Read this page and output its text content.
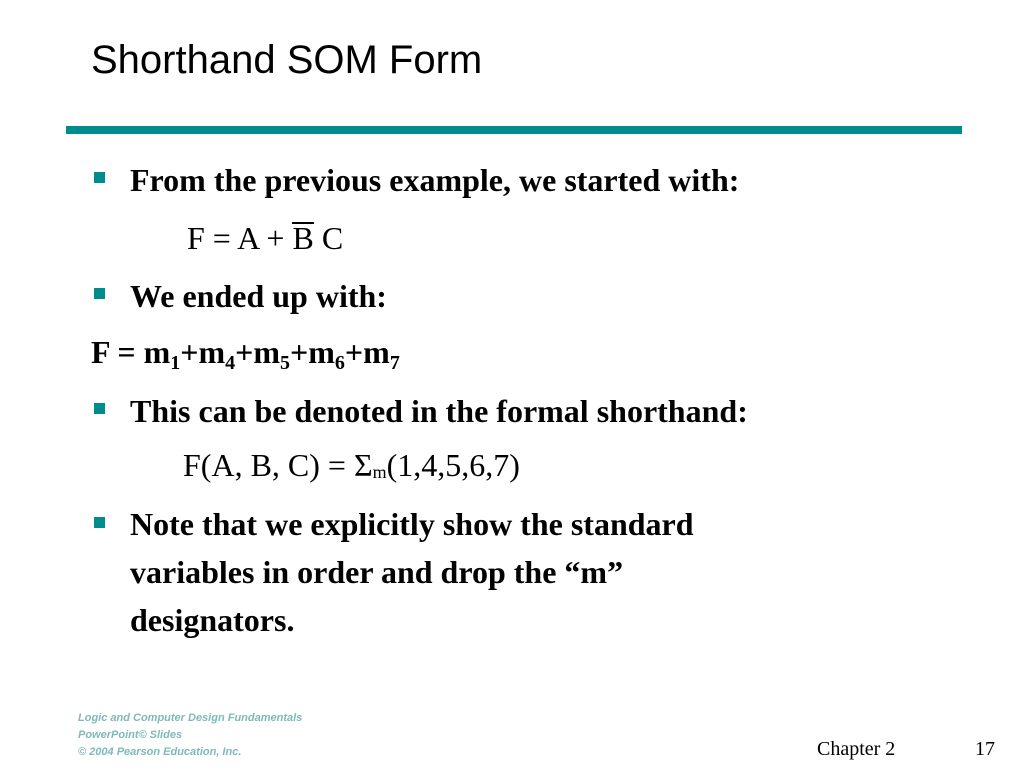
Shorthand SOM Form
From the previous example, we started with:
F = A + B C
We ended up with:
$F = m_1+m_4+m_5+m_6+m_7$
This can be denoted in the formal shorthand:
F(A, B, C) = Σm(1,4,5,6,7)
Note that we explicitly show the standard
variables in order and drop the “m”
designators.
Logic and Computer Design Fundamentals
PowerPoint© Slides
© 2004 Pearson Education, Inc.	Chapter 2	17
